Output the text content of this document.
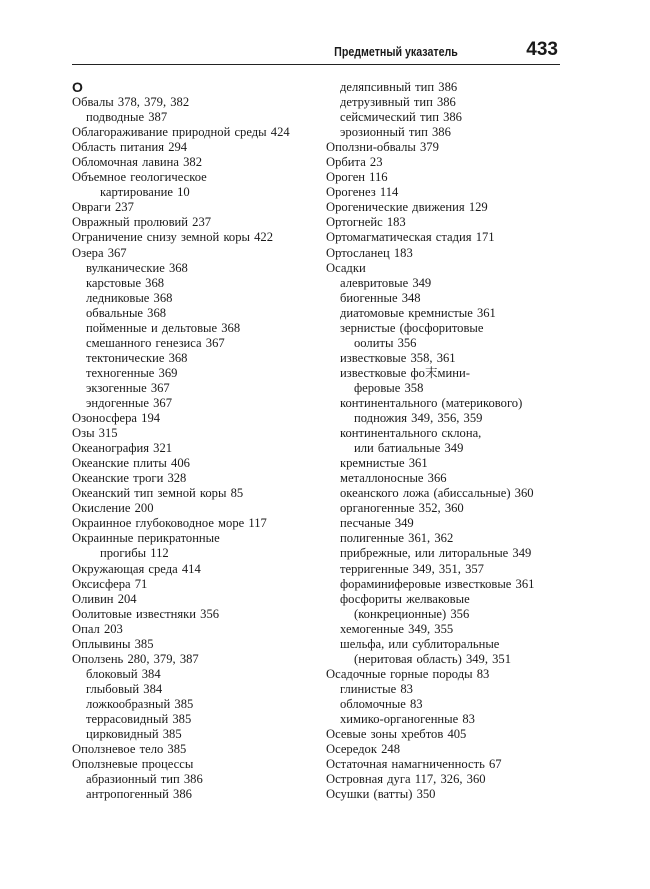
Предметный указатель	433
О
Обвалы 378, 379, 382
подводные 387
Облагораживание природной среды 424
Область питания 294
Обломочная лавина 382
Объемное геологическое
картирование 10
Овраги 237
Овражный пролювий 237
Ограничение снизу земной коры 422
Озера 367
вулканические 368
карстовые 368
ледниковые 368
обвальные 368
пойменные и дельтовые 368
смешанного генезиса 367
тектонические 368
техногенные 369
экзогенные 367
эндогенные 367
Озоносфера 194
Озы 315
Океанография 321
Океанские плиты 406
Океанские троги 328
Океанский тип земной коры 85
Окисление 200
Окраинное глубоководное море 117
Окраинные перикратонные
прогибы 112
Окружающая среда 414
Оксисфера 71
Оливин 204
Оолитовые известняки 356
Опал 203
Оплывины 385
Оползень 280, 379, 387
блоковый 384
глыбовый 384
ложкообразный 385
террасовидный 385
цирковидный 385
Оползневое тело 385
Оползневые процессы
абразионный тип 386
антропогенный 386
деляпсивный тип 386
детрузивный тип 386
сейсмический тип 386
эрозионный тип 386
Оползни-обвалы 379
Орбита 23
Ороген 116
Орогенез 114
Орогенические движения 129
Ортогнейс 183
Ортомагматическая стадия 171
Ортосланец 183
Осадки
алевритовые 349
биогенные 348
диатомовые кремнистые 361
зернистые (фосфоритовые
оолиты 356
известковые 358, 361
известковые фо末мини-
феровые 358
континентального (материкового)
подножия 349, 356, 359
континентального склона,
или батиальные 349
кремнистые 361
металлоносные 366
океанского ложа (абиссальные) 360
органогенные 352, 360
песчаные 349
полигенные 361, 362
прибрежные, или литоральные 349
терригенные 349, 351, 357
фораминиферовые известковые 361
фосфориты желваковые
(конкреционные) 356
хемогенные 349, 355
шельфа, или сублиторальные
(неритовая область) 349, 351
Осадочные горные породы 83
глинистые 83
обломочные 83
химико-органогенные 83
Осевые зоны хребтов 405
Осередок 248
Остаточная намагниченность 67
Островная дуга 117, 326, 360
Осушки (ватты) 350
